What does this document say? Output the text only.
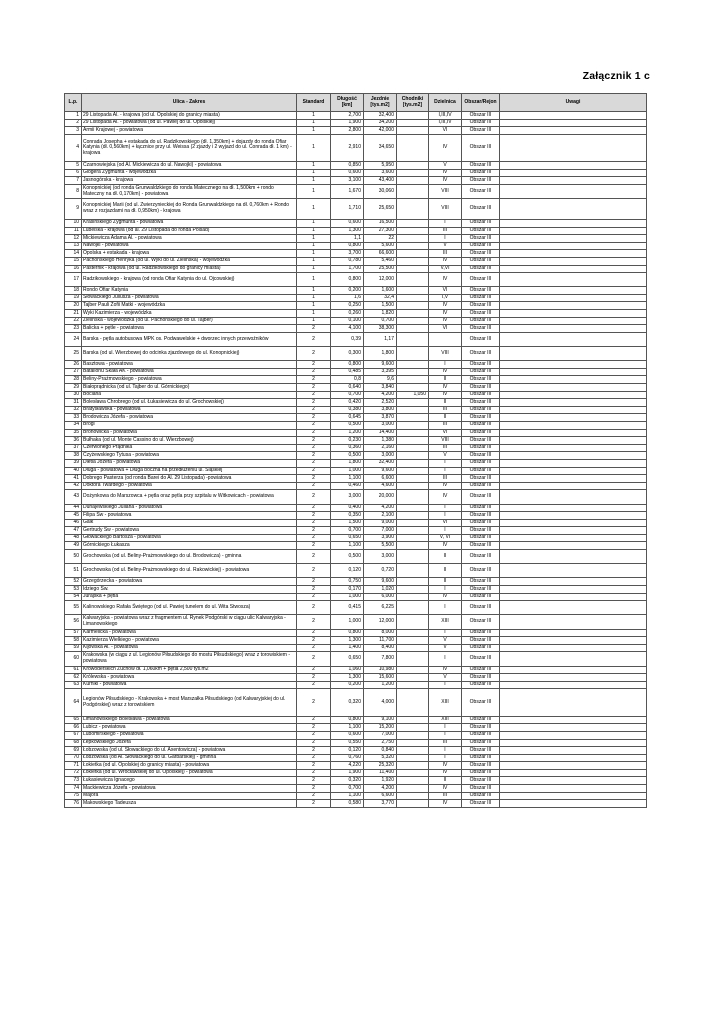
Załącznik 1 c
L.p.	Ulica - Zakres	Standard	Długość [km]	Jezdnie [tys.m2]	Chodniki [tys.m2]	Dzielnica	Obszar/Rejon	Uwagi
1	29 Listopada Al. - krajowa (od ul. Opolskiej do granicy miasta)	1	2,700	32,400		I,III,IV	Obszar III	
2	29 Listopada Al. - powiatowa (od ul. Pawiej do ul. Opolskiej)	1	1,900	34,200		I,III,IV	Obszar III	
3	Armii Krajowej - powiatowa	1	2,800	42,000		VI	Obszar III	
4	Conrada Josepha + estakada do ul. Radzikowskiego (dł. 1,350km) + dojazdy do ronda Ofiar Katynia (dł. 0,560km) + łącznice przy ul. Weissa (2 zjazdy i 2 wyjazd do ul. Conrada dł. 1 km) - krajowa	1	2,910	34,650		IV	Obszar III	
5	Czarnowiejska (od Al. Mickiewicza do ul. Nawojki) - powiatowa	1	0,850	5,950		V	Obszar III	
6	Glogera Zygmunta - wojewódzka	1	0,600	3,600		IV	Obszar III	
7	Jasnogórska - krajowa	1	3,100	43,400		IV	Obszar III	
8	Konopnickiej (od ronda Grunwaldzkiego do ronda Matecznego na dł. 1,500km + rondo Mateczny na dł. 0,170km) - powiatowa	1	1,670	30,060		VIII	Obszar III	
9	Konopnickiej Marii (od ul. Zwierzynieckiej do Ronda Grunwaldzkiego na dł. 0,760km + Rondo wraz z rozjazdami na dł. 0,950km) - krajowa	1	1,710	25,650		VIII	Obszar III	
10	Krasińskiego Zygmunta - powiatowa	1	0,600	16,500		I	Obszar III	
11	Lubelska - krajowa (od al. 29 Listopada do ronda Polsad)	1	1,300	27,300		III	Obszar III	
12	Mickiewicza Adama Al. - powiatowa	1	1,1	22		I	Obszar III	
13	Nawojki - powiatowa	1	0,800	5,600		V	Obszar III	
14	Opolska + estakada - krajowa	1	3,700	66,600		III	Obszar III	
15	Pachońskiego Henryka (od ul. Wyki do ul. Zielińska) - wojewódzka	1	0,780	5,460		IV	Obszar III	
16	Pasternik - krajowa (od ul. Radzikowskiego do granicy miasta)	1	1,700	25,500		V,VI	Obszar III	
17	Radzikowskiego - krajowa (od ronda Ofiar Katynia do ul. Ojcowskiej)	1	0,800	12,000		IV	Obszar III	
18	Rondo Ofiar Katynia	1	0,200	1,600		VI	Obszar III	
19	Słowackiego Juliusza - powiatowa	1	1,6	32,4		I,V	Obszar III	
20	Tajber Pauli Zofii Matki - wojewódzka	1	0,250	1,500		IV	Obszar III	
21	Wyki Kazimierza - wojewódzka	1	0,260	1,820		IV	Obszar III	
22	Zielińska - wojewódzka (od ul. Pachońskiego do ul. Tajber)	1	0,100	0,700		IV	Obszar III	
23	Balicka + pętle - powiatowa	2	4,100	38,300		VI	Obszar III	
24	Barska - pętla autobusowa MPK os. Podwawelskie + dworzec innych przewoźników	2	0,39	1,17			Obszar III	
25	Barska (od ul. Wierzbowej do odcinka zjazdowego do ul. Konopnickiej)	2	0,300	1,800		VIII	Obszar III	
26	Basztowa - powiatowa	2	0,800	9,600		I	Obszar III	
27	Batalionu Skała AK - powiatowa	2	0,485	3,395		IV	Obszar III	
28	Beliny-Prażmowskiego - powiatowa	2	0,8	9,6		II	Obszar III	
29	Białoprądnicka (od ul. Tajber do ul. Górnickiego)	2	0,640	3,840		IV	Obszar III	
30	Bociana	2	0,700	4,200	1,050	IV	Obszar III	
31	Bolesława Chrobrego (od ul. Łukasiewicza do ul. Grochowskiej)	2	0,420	2,520		II	Obszar III	
32	Bratysławska - powiatowa	2	0,380	3,800		III	Obszar III	
33	Brodowicza Józefa - powiatowa	2	0,645	3,870		II	Obszar III	
34	Brogi	2	0,500	3,000		III	Obszar III	
35	Bronowicka - powiatowa	2	1,200	14,400		VI	Obszar III	
36	Bułhaka (od ul. Monte Cassino do ul. Wierzbowej)	2	0,230	1,380		VIII	Obszar III	
37	Czerwonego Prądnika	2	0,360	2,160		III	Obszar III	
38	Czyżewskiego Tytusa - powiatowa	2	0,500	3,000		V	Obszar III	
39	Dietla Józefa - powiatowa	2	1,800	32,400		I	Obszar III	
40	Długa - powiatowa + Długa boczna na przedłużeniu ul. Śląskiej	2	1,000	9,600		I	Obszar III	
41	Dobrego Pasterza (od ronda Barei do Al. 29 Listopada) -powiatowa	2	1,100	6,600		III	Obszar III	
42	Doktora Twardego - powiatowa	2	0,460	4,600		IV	Obszar III	
43	Dożynkowa do Marszowca + pętla oraz pętla przy szpitalu w Witkowicach - powiatowa	2	3,000	20,000		IV	Obszar III	
44	Dunajewskiego Juliana - powiatowa	2	0,400	4,200		I	Obszar III	
45	Filipa Św - powiatowa	2	0,350	2,100		I	Obszar III	
46	Gaik	2	1,500	9,000		VI	Obszar III	
47	Gertrudy Św - powiatowa	2	0,700	7,000		I	Obszar III	
48	Głowackiego Bartosza - powiatowa	2	0,650	3,900		V, VI	Obszar III	
49	Górnickiego Łukasza	2	1,100	5,500		IV	Obszar III	
50	Grochowska (od ul. Beliny-Prażmowskiego do ul. Brodowicza) - gminna	2	0,500	3,000		II	Obszar III	
51	Grochowska (od ul. Beliny-Prażmowskiego do ul. Rakowickiej) - powiatowa	2	0,120	0,720		II	Obszar III	
52	Grzegórzecka - powiatowa	2	0,750	9,600		II	Obszar III	
53	Idziego Św.	2	0,170	1,020		I	Obszar III	
54	Jurajska + pętla	2	1,000	6,000		IV	Obszar III	
55	Kalinowskiego Rafała Świętego (od ul. Pawiej tunelem do ul. Wita Stwosza)	2	0,415	6,225		I	Obszar III	
56	Kalwaryjska - powiatowa wraz z fragmentem ul. Rynek Podgórski w ciągu ulic Kalwaryjska - Limanowskiego	2	1,000	12,000		XIII	Obszar III	
57	Karmelicka - powiatowa	2	0,800	8,000		I	Obszar III	
58	Kazimierza Wielkiego - powiatowa	2	1,300	11,700		V	Obszar III	
59	Kijowska Al. - powiatowa	2	1,400	8,400		V	Obszar III	
60	Krakowska (w ciągu z ul. Legionów Piłsudskiego do mostu Piłsudskiego) wraz z torowiskiem - powiatowa	2	0,650	7,800		I	Obszar III	
61	Krowoderskich Zuchów dł. 1,060km + pętla 2,500 tys.m2	2	1,060	10,980		IV	Obszar III	
62	Królewska - powiatowa	2	1,300	15,600		V	Obszar III	
63	Kurniki - powiatowa	2	0,200	1,200		I	Obszar III	
64	Legionów Piłsudskiego - Krakowska + most Marszałka Piłsudskiego (od Kalwaryjskiej do ul. Podgórskiej) wraz z torowiskiem	2	0,320	4,000		XIII	Obszar III	
65	Limanowskiego Bolesława - powiatowa	2	0,800	9,100		XIII	Obszar III	
66	Lubicz - powiatowa	2	1,100	15,200		I	Obszar III	
67	Lubomirskiego - powiatowa	2	0,600	7,000		I	Obszar III	
68	Łepkowskiego Józefa	2	0,550	2,750		III	Obszar III	
69	Łobzowska (od ul. Słowackiego do ul. Axentowicza) - powiatowa	2	0,120	0,840		I	Obszar III	
70	Łobzowska (od Al. Słowackiego do ul. Garbarskiej) - gminna	2	0,760	5,320		I	Obszar III	
71	Łokietka (od ul. Opolskiej do granicy miasta) - powiatowa	2	4,220	25,320		IV	Obszar III	
72	Łokietka (od ul. Wrocławskiej do ul. Opolskiej) - powiatowa	2	1,900	11,400		IV	Obszar III	
73	Łukasiewicza Ignacego	2	0,320	1,920		II	Obszar III	
74	Mackiewicza Józefa - powiatowa	2	0,700	4,200		IV	Obszar III	
75	Majora	2	1,100	6,600		III	Obszar III	
76	Makowskiego Tadeusza	2	0,580	3,770		IV	Obszar III	
